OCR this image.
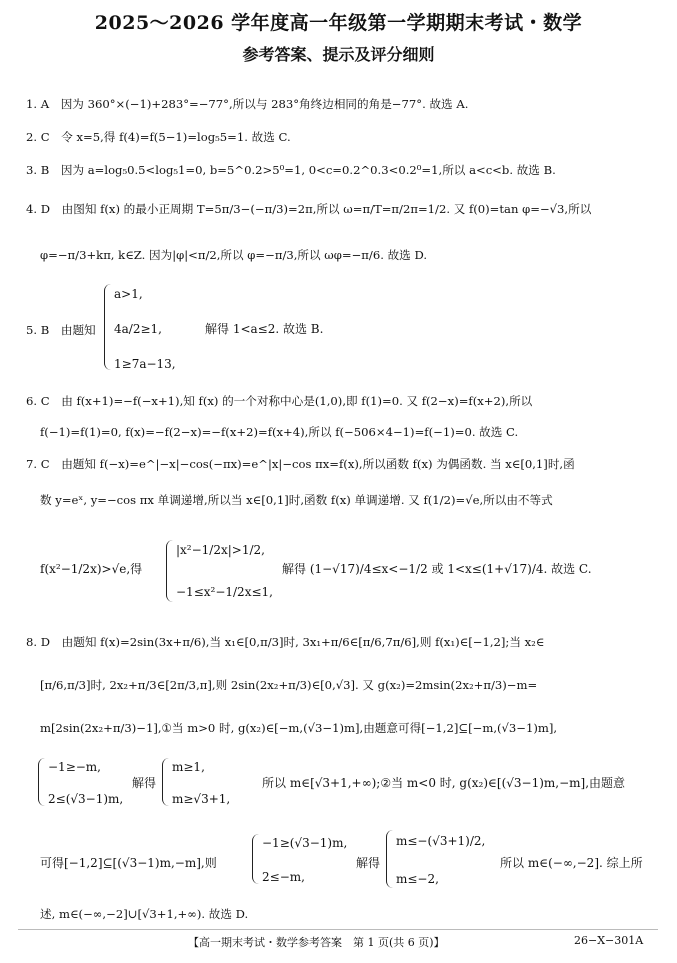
2025～2026 学年度高一年级第一学期期末考试・数学
参考答案、提示及评分细则
1. A　因为 360°×(−1)+283°=−77°,所以与 283°角终边相同的角是−77°. 故选 A.
2. C　令 x=5,得 f(4)=f(5−1)=log₅5=1. 故选 C.
3. B　因为 a=log₅0.5<log₅1=0, b=5^0.2>5⁰=1, 0<c=0.2^0.3<0.2⁰=1,所以 a<c<b. 故选 B.
4. D　由图知 f(x) 的最小正周期 T=5π/3−(−π/3)=2π,所以 ω=π/T=π/2π=1/2. 又 f(0)=tan φ=−√3,所以
φ=−π/3+kπ, k∈Z. 因为|φ|<π/2,所以 φ=−π/3,所以 ωφ=−π/6. 故选 D.
5. B　由题知
a>1,
4a/2≥1,
1≥7a−13,
解得 1<a≤2. 故选 B.
6. C　由 f(x+1)=−f(−x+1),知 f(x) 的一个对称中心是(1,0),即 f(1)=0. 又 f(2−x)=f(x+2),所以
f(−1)=f(1)=0, f(x)=−f(2−x)=−f(x+2)=f(x+4),所以 f(−506×4−1)=f(−1)=0. 故选 C.
7. C　由题知 f(−x)=e^|−x|−cos(−πx)=e^|x|−cos πx=f(x),所以函数 f(x) 为偶函数. 当 x∈[0,1]时,函
数 y=eˣ, y=−cos πx 单调递增,所以当 x∈[0,1]时,函数 f(x) 单调递增. 又 f(1/2)=√e,所以由不等式
f(x²−1/2x)>√e,得
|x²−1/2x|>1/2,
−1≤x²−1/2x≤1,
解得 (1−√17)/4≤x<−1/2 或 1<x≤(1+√17)/4. 故选 C.
8. D　由题知 f(x)=2sin(3x+π/6),当 x₁∈[0,π/3]时, 3x₁+π/6∈[π/6,7π/6],则 f(x₁)∈[−1,2];当 x₂∈
[π/6,π/3]时, 2x₂+π/3∈[2π/3,π],则 2sin(2x₂+π/3)∈[0,√3]. 又 g(x₂)=2msin(2x₂+π/3)−m=
m[2sin(2x₂+π/3)−1],①当 m>0 时, g(x₂)∈[−m,(√3−1)m],由题意可得[−1,2]⊆[−m,(√3−1)m],
−1≥−m,
2≤(√3−1)m,
解得
m≥1,
m≥√3+1,
所以 m∈[√3+1,+∞);②当 m<0 时, g(x₂)∈[(√3−1)m,−m],由题意
可得[−1,2]⊆[(√3−1)m,−m],则
−1≥(√3−1)m,
2≤−m,
解得
m≤−(√3+1)/2,
m≤−2,
所以 m∈(−∞,−2]. 综上所
述, m∈(−∞,−2]∪[√3+1,+∞). 故选 D.
【高一期末考试・数学参考答案　第 1 页(共 6 页)】	26−X−301A
